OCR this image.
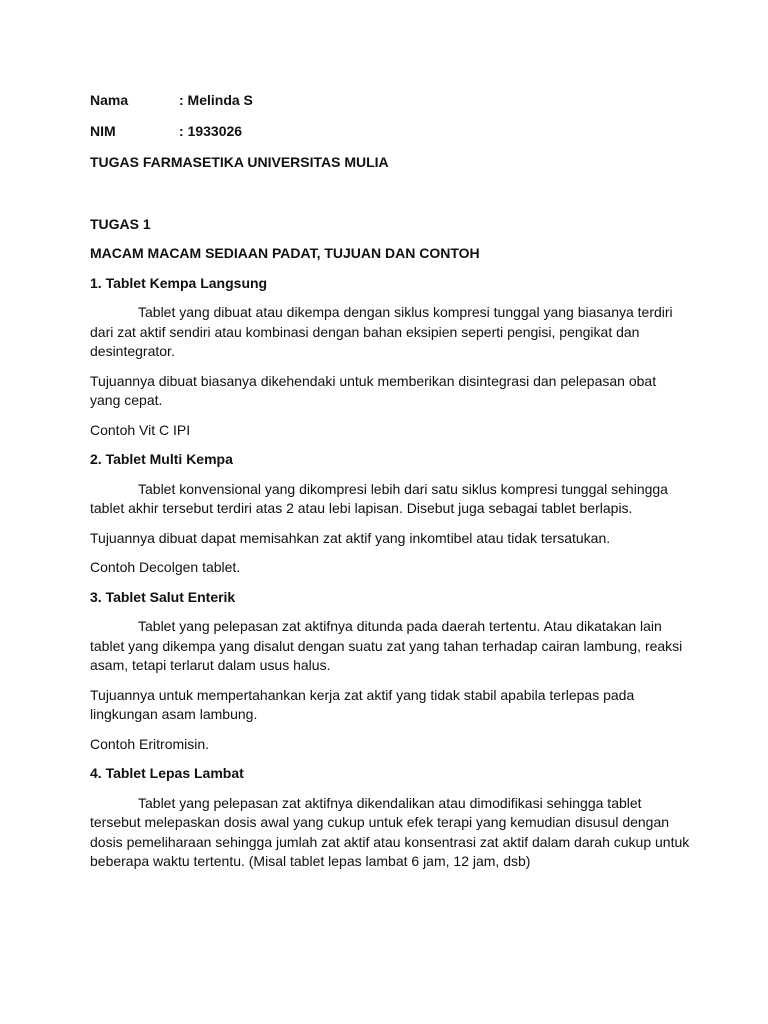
Nama	: Melinda S
NIM	: 1933026
TUGAS FARMASETIKA UNIVERSITAS MULIA
TUGAS 1
MACAM MACAM SEDIAAN PADAT, TUJUAN DAN CONTOH
1. Tablet Kempa Langsung

Tablet yang dibuat atau dikempa dengan siklus kompresi tunggal yang biasanya terdiri dari zat aktif sendiri atau kombinasi dengan bahan eksipien seperti pengisi, pengikat dan desintegrator.

Tujuannya dibuat biasanya dikehendaki untuk memberikan disintegrasi dan pelepasan obat yang cepat.

Contoh Vit C IPI

2. Tablet Multi Kempa

Tablet konvensional yang dikompresi lebih dari satu siklus kompresi tunggal sehingga tablet akhir tersebut terdiri atas 2 atau lebi lapisan. Disebut juga sebagai tablet berlapis.

Tujuannya dibuat dapat memisahkan zat aktif yang inkomtibel atau tidak tersatukan.

Contoh Decolgen tablet.

3. Tablet Salut Enterik

Tablet yang pelepasan zat aktifnya ditunda pada daerah tertentu. Atau dikatakan lain tablet yang dikempa yang disalut dengan suatu zat yang tahan terhadap cairan lambung, reaksi asam, tetapi terlarut dalam usus halus.

Tujuannya untuk mempertahankan kerja zat aktif yang tidak stabil apabila terlepas pada lingkungan asam lambung.

Contoh Eritromisin.

4. Tablet Lepas Lambat

Tablet yang pelepasan zat aktifnya dikendalikan atau dimodifikasi sehingga tablet tersebut melepaskan dosis awal yang cukup untuk efek terapi yang kemudian disusul dengan dosis pemeliharaan sehingga jumlah zat aktif atau konsentrasi zat aktif dalam darah cukup untuk beberapa waktu tertentu. (Misal tablet lepas lambat 6 jam, 12 jam, dsb)
